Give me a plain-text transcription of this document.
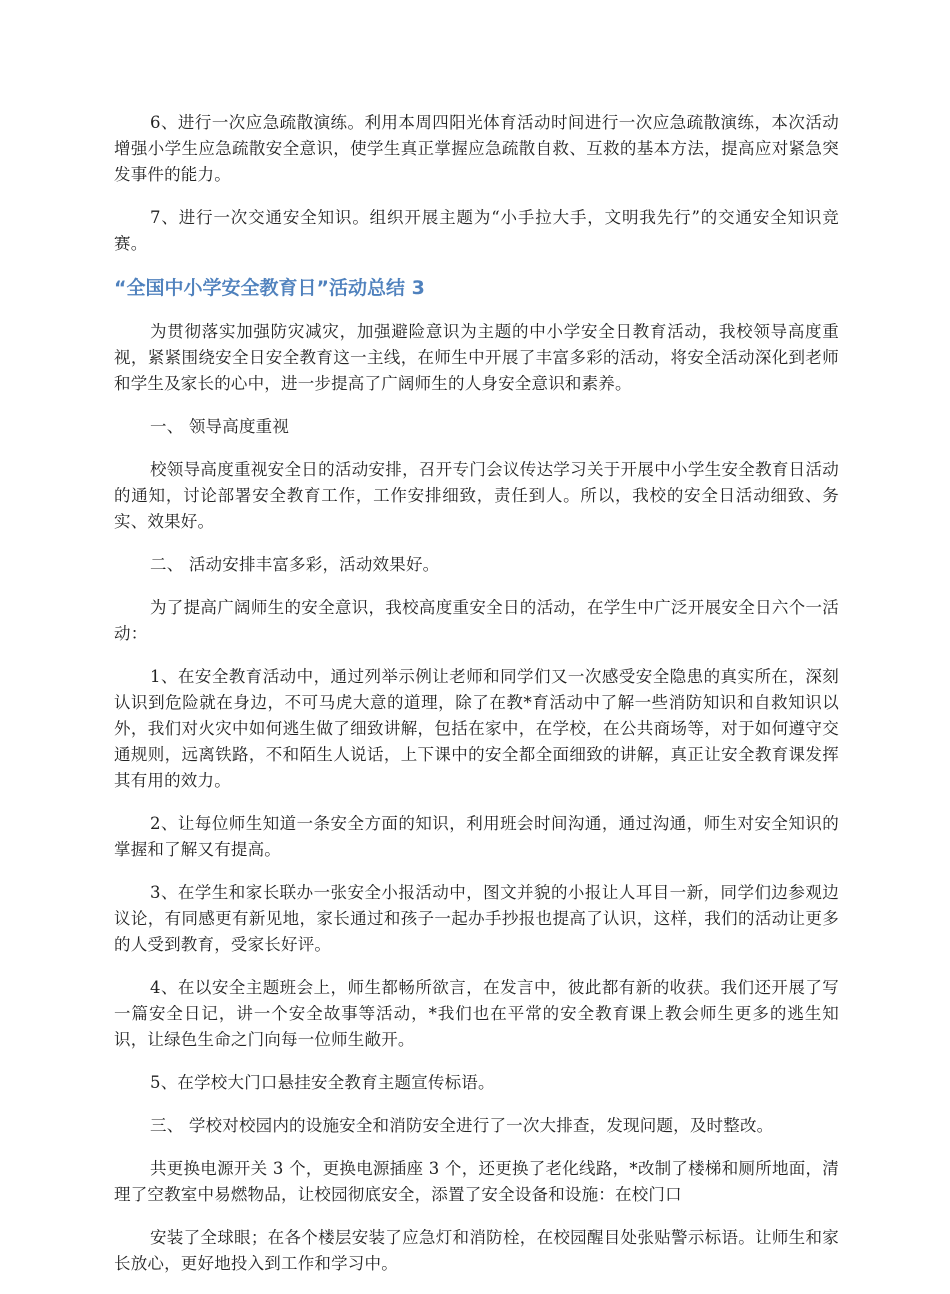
6、进行一次应急疏散演练。利用本周四阳光体育活动时间进行一次应急疏散演练，本次活动增强小学生应急疏散安全意识，使学生真正掌握应急疏散自救、互救的基本方法，提高应对紧急突发事件的能力。

7、进行一次交通安全知识。组织开展主题为“小手拉大手，文明我先行”的交通安全知识竞赛。

“全国中小学安全教育日”活动总结 3

为贯彻落实加强防灾减灾，加强避险意识为主题的中小学安全日教育活动，我校领导高度重视，紧紧围绕安全日安全教育这一主线，在师生中开展了丰富多彩的活动，将安全活动深化到老师和学生及家长的心中，进一步提高了广阔师生的人身安全意识和素养。

一、 领导高度重视

校领导高度重视安全日的活动安排，召开专门会议传达学习关于开展中小学生安全教育日活动的通知，讨论部署安全教育工作，工作安排细致，责任到人。所以，我校的安全日活动细致、务实、效果好。

二、 活动安排丰富多彩，活动效果好。

为了提高广阔师生的安全意识，我校高度重安全日的活动，在学生中广泛开展安全日六个一活动：

1、在安全教育活动中，通过列举示例让老师和同学们又一次感受安全隐患的真实所在，深刻认识到危险就在身边，不可马虎大意的道理，除了在教*育活动中了解一些消防知识和自救知识以外，我们对火灾中如何逃生做了细致讲解，包括在家中，在学校，在公共商场等，对于如何遵守交通规则，远离铁路，不和陌生人说话，上下课中的安全都全面细致的讲解，真正让安全教育课发挥其有用的效力。

2、让每位师生知道一条安全方面的知识，利用班会时间沟通，通过沟通，师生对安全知识的掌握和了解又有提高。

3、在学生和家长联办一张安全小报活动中，图文并貌的小报让人耳目一新，同学们边参观边议论，有同感更有新见地，家长通过和孩子一起办手抄报也提高了认识，这样，我们的活动让更多的人受到教育，受家长好评。

4、在以安全主题班会上，师生都畅所欲言，在发言中，彼此都有新的收获。我们还开展了写一篇安全日记，讲一个安全故事等活动，*我们也在平常的安全教育课上教会师生更多的逃生知识，让绿色生命之门向每一位师生敞开。

5、在学校大门口悬挂安全教育主题宣传标语。

三、 学校对校园内的设施安全和消防安全进行了一次大排查，发现问题，及时整改。

共更换电源开关 3 个，更换电源插座 3 个，还更换了老化线路，*改制了楼梯和厕所地面，清理了空教室中易燃物品，让校园彻底安全，添置了安全设备和设施：在校门口

安装了全球眼；在各个楼层安装了应急灯和消防栓，在校园醒目处张贴警示标语。让师生和家长放心，更好地投入到工作和学习中。
